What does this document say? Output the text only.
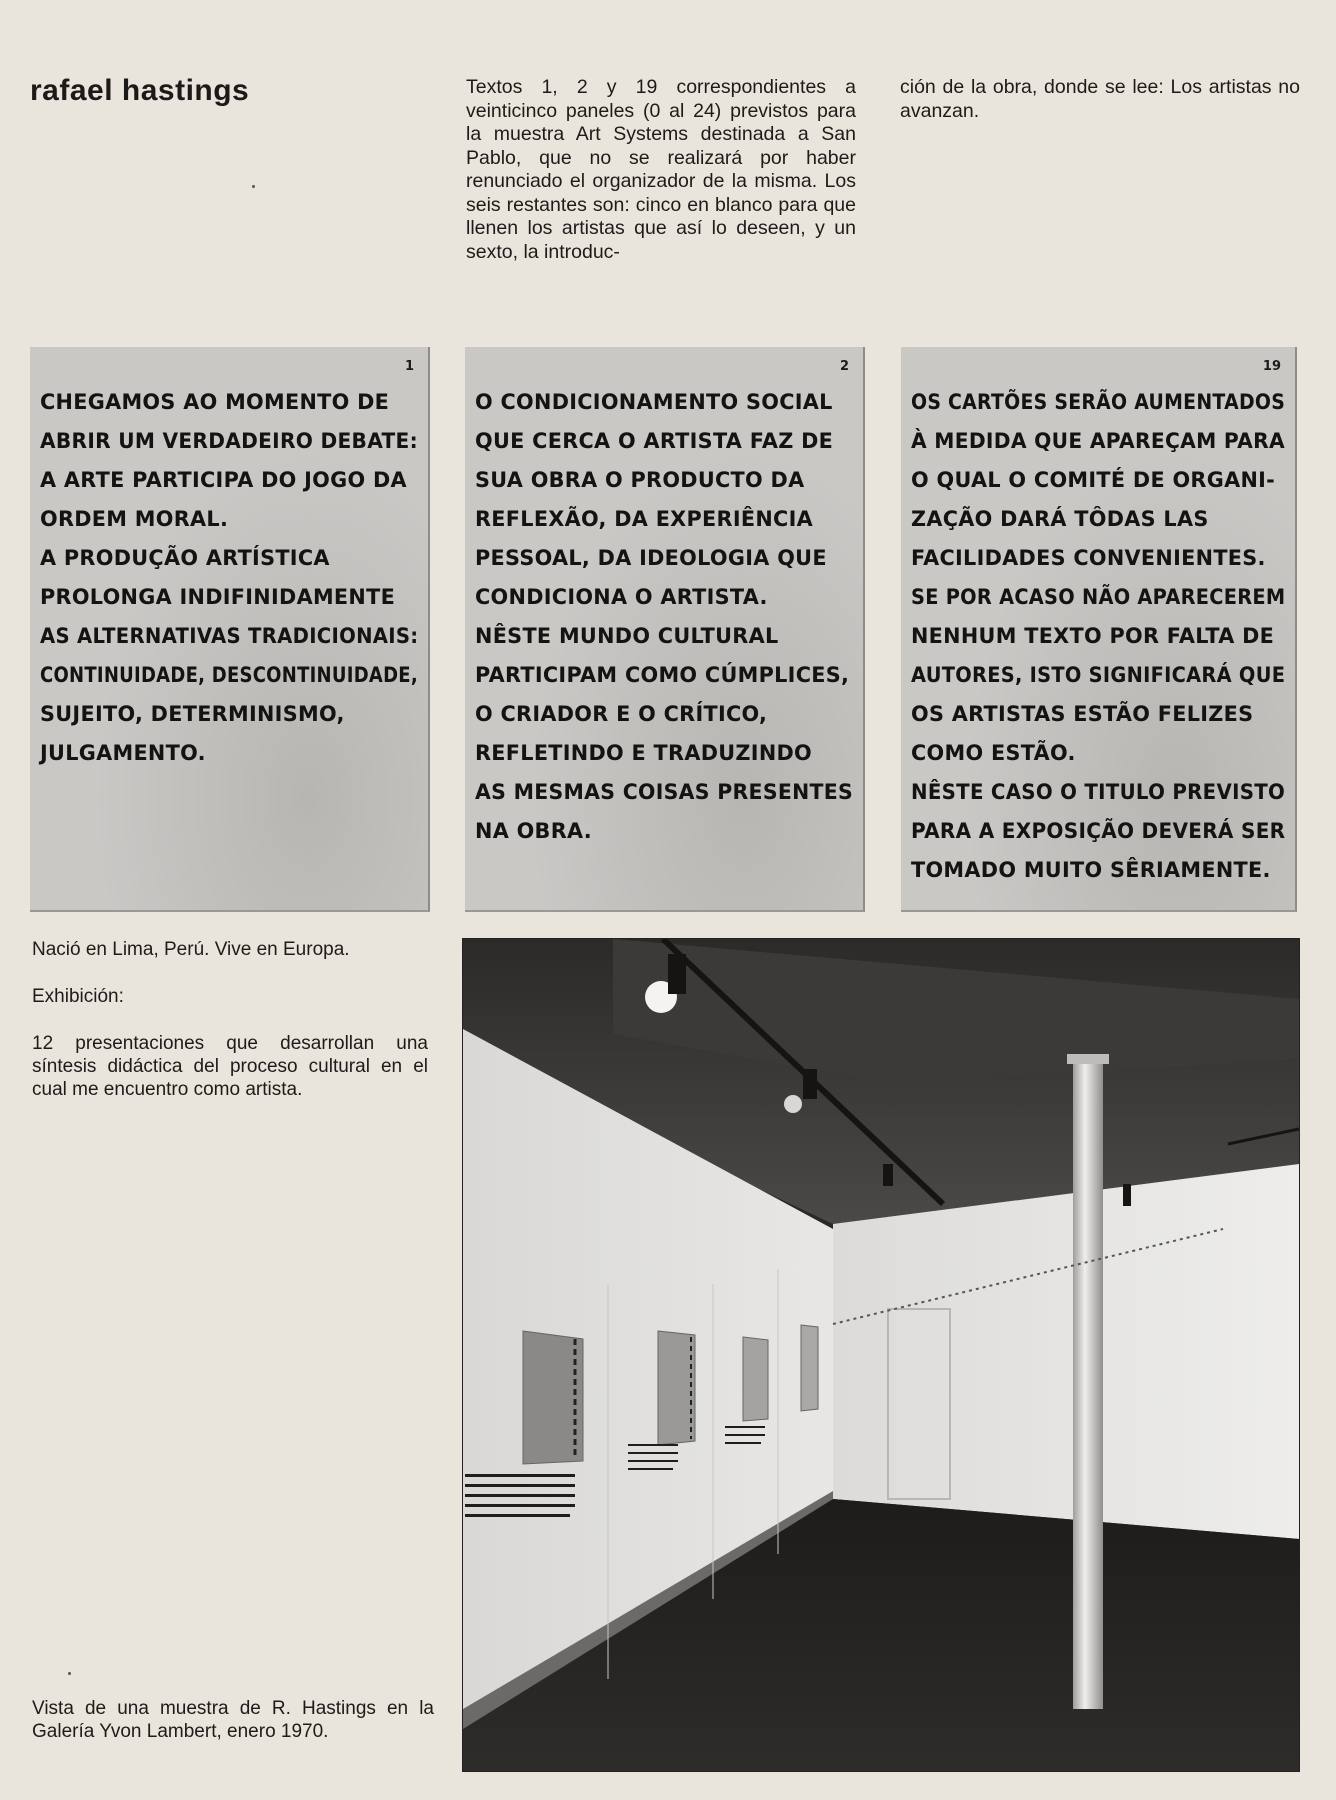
rafael hastings	Textos 1, 2 y 19 correspondientes a veinticinco paneles (0 al 24) previstos para la muestra Art Systems destinada a San Pablo, que no se realizará por haber renunciado el organizador de la misma. Los seis restantes son: cinco en blanco para que llenen los artistas que así lo deseen, y un sexto, la introduc-

ción de la obra, donde se lee: Los artistas no avanzan.

1
CHEGAMOS AO MOMENTO DE
ABRIR UM VERDADEIRO DEBATE:
A ARTE PARTICIPA DO JOGO DA
ORDEM MORAL.
A PRODUÇÃO ARTÍSTICA
PROLONGA INDIFINIDAMENTE
AS ALTERNATIVAS TRADICIONAIS:
CONTINUIDADE, DESCONTINUIDADE,
SUJEITO, DETERMINISMO,
JULGAMENTO.
2
O CONDICIONAMENTO SOCIAL
QUE CERCA O ARTISTA FAZ DE
SUA OBRA O PRODUCTO DA
REFLEXÃO, DA EXPERIÊNCIA
PESSOAL, DA IDEOLOGIA QUE
CONDICIONA O ARTISTA.
NÊSTE MUNDO CULTURAL
PARTICIPAM COMO CÚMPLICES,
O CRIADOR E O CRÍTICO,
REFLETINDO E TRADUZINDO
AS MESMAS COISAS PRESENTES
NA OBRA.
19
OS CARTÕES SERÃO AUMENTADOS
À MEDIDA QUE APAREÇAM PARA
O QUAL O COMITÉ DE ORGANI-
ZAÇÃO DARÁ TÔDAS LAS
FACILIDADES CONVENIENTES.
SE POR ACASO NÃO APARECEREM
NENHUM TEXTO POR FALTA DE
AUTORES, ISTO SIGNIFICARÁ QUE
OS ARTISTAS ESTÃO FELIZES
COMO ESTÃO.
NÊSTE CASO O TITULO PREVISTO
PARA A EXPOSIÇÃO DEVERÁ SER
TOMADO MUITO SÊRIAMENTE.

Nació en Lima, Perú. Vive en Europa.

Exhibición:

12 presentaciones que desarrollan una síntesis didáctica del proceso cultural en el cual me encuentro como artista.

Vista de una muestra de R. Hastings en la Galería Yvon Lambert, enero 1970.
